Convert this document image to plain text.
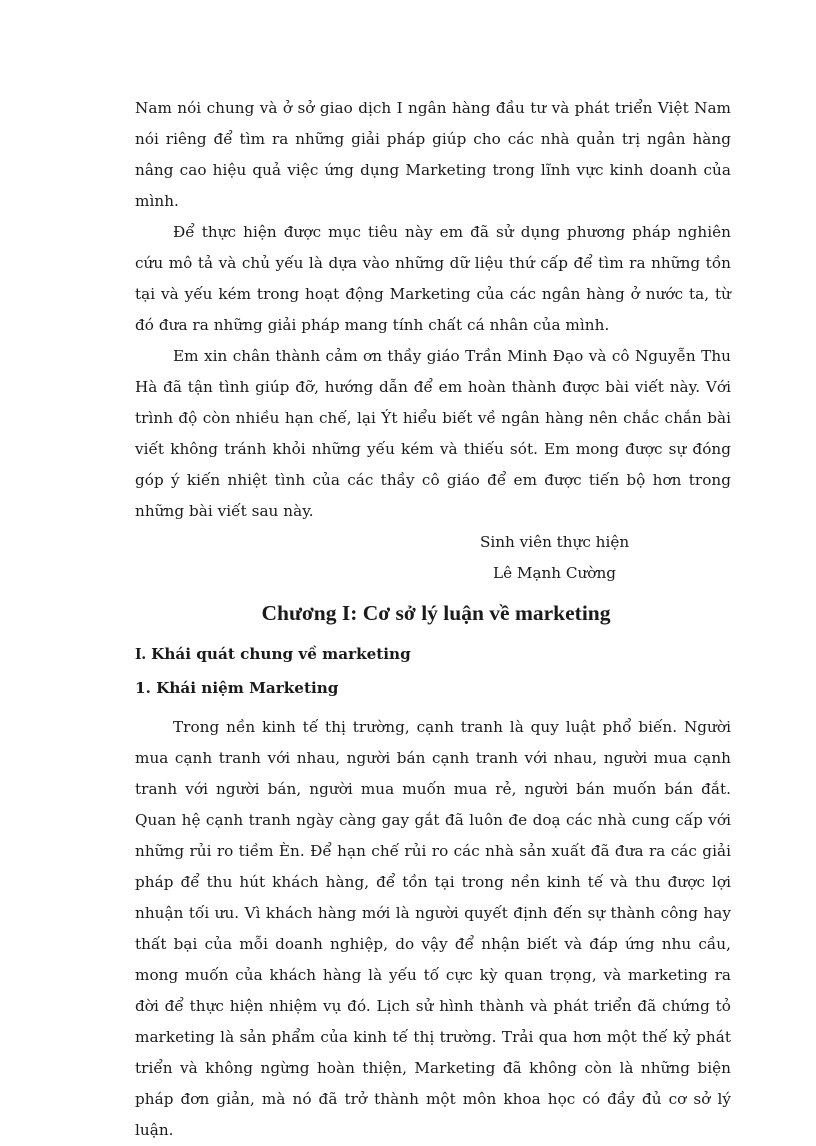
Nam nói chung và ở sở giao dịch I ngân hàng đầu tư và phát triển Việt Nam nói riêng để tìm ra những giải pháp giúp cho các nhà quản trị ngân hàng nâng cao hiệu quả việc ứng dụng Marketing trong lĩnh vực kinh doanh của mình.

Để thực hiện được mục tiêu này em đã sử dụng phương pháp nghiên cứu mô tả và chủ yếu là dựa vào những dữ liệu thứ cấp để tìm ra những tồn tại và yếu kém trong hoạt động Marketing của các ngân hàng ở nước ta, từ đó đưa ra những giải pháp mang tính chất cá nhân của mình.

Em xin chân thành cảm ơn thầy giáo Trần Minh Đạo và cô Nguyễn Thu Hà đã tận tình giúp đỡ, hướng dẫn để em hoàn thành được bài viết này. Với trình độ còn nhiều hạn chế, lại Ýt hiểu biết về ngân hàng nên chắc chắn bài viết không tránh khỏi những yếu kém và thiếu sót. Em mong được sự đóng góp ý kiến nhiệt tình của các thầy cô giáo để em được tiến bộ hơn trong những bài viết sau này.

Sinh viên thực hiện

Lê Mạnh Cường

Chương I: Cơ sở lý luận về marketing
I. Khái quát chung về marketing
1. Khái niệm Marketing

Trong nền kinh tế thị trường, cạnh tranh là quy luật phổ biến. Người mua cạnh tranh với nhau, người bán cạnh tranh với nhau, người mua cạnh tranh với người bán, người mua muốn mua rẻ, người bán muốn bán đắt. Quan hệ cạnh tranh ngày càng gay gắt đã luôn đe doạ các nhà cung cấp với những rủi ro tiềm Èn. Để hạn chế rủi ro các nhà sản xuất đã đưa ra các giải pháp để thu hút khách hàng, để tồn tại trong nền kinh tế và thu được lợi nhuận tối ưu. Vì khách hàng mới là người quyết định đến sự thành công hay thất bại của mỗi doanh nghiệp, do vậy để nhận biết và đáp ứng nhu cầu, mong muốn của khách hàng là yếu tố cực kỳ quan trọng, và marketing ra đời để thực hiện nhiệm vụ đó. Lịch sử hình thành và phát triển đã chứng tỏ marketing là sản phẩm của kinh tế thị trường. Trải qua hơn một thế kỷ phát triển và không ngừng hoàn thiện, Marketing đã không còn là những biện pháp đơn giản, mà nó đã trở thành một môn khoa học có đầy đủ cơ sở lý luận.
